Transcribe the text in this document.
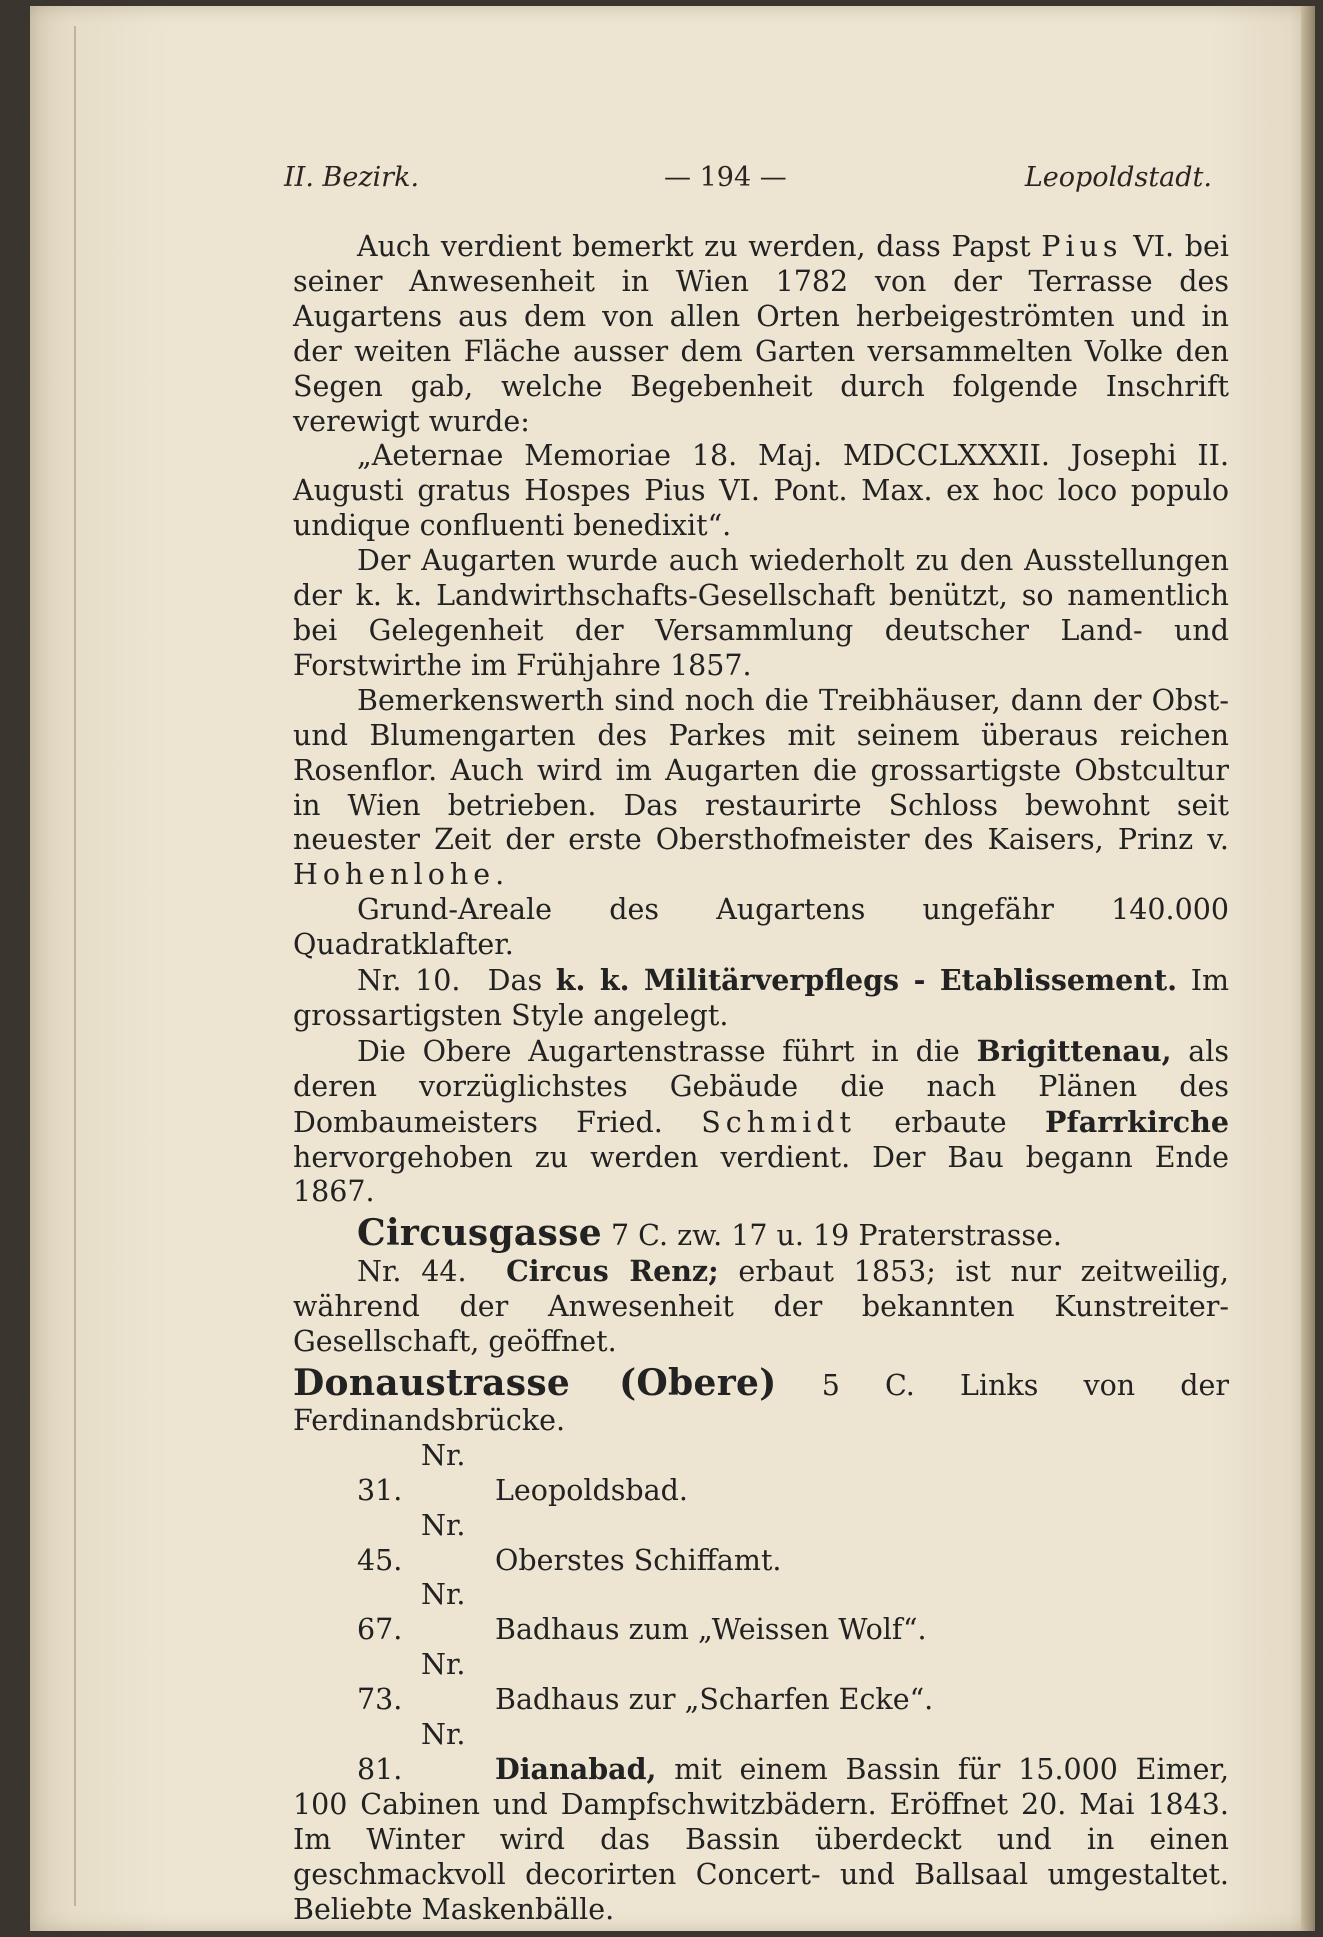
II. Bezirk.	— 194 —	Leopoldstadt.

Auch verdient bemerkt zu werden, dass Papst Pius VI. bei seiner Anwesenheit in Wien 1782 von der Terrasse des Augartens aus dem von allen Orten herbeigeströmten und in der weiten Fläche ausser dem Garten versammelten Volke den Segen gab, welche Begebenheit durch folgende Inschrift verewigt wurde:

„Aeternae Memoriae 18. Maj. MDCCLXXXII. Josephi II. Augusti gratus Hospes Pius VI. Pont. Max. ex hoc loco populo undique confluenti benedixit“.

Der Augarten wurde auch wiederholt zu den Ausstellungen der k. k. Landwirthschafts-Gesellschaft benützt, so namentlich bei Gelegenheit der Versammlung deutscher Land- und Forstwirthe im Frühjahre 1857.

Bemerkenswerth sind noch die Treibhäuser, dann der Obst- und Blumengarten des Parkes mit seinem überaus reichen Rosenflor. Auch wird im Augarten die grossartigste Obstcultur in Wien betrieben. Das restaurirte Schloss bewohnt seit neuester Zeit der erste Obersthofmeister des Kaisers, Prinz v. Hohenlohe.

Grund-Areale des Augartens ungefähr 140.000 Quadratklafter.

Nr. 10. Das k. k. Militärverpflegs - Etablissement. Im grossartigsten Style angelegt.

Die Obere Augartenstrasse führt in die Brigittenau, als deren vorzüglichstes Gebäude die nach Plänen des Dombaumeisters Fried. Schmidt erbaute Pfarrkirche hervorgehoben zu werden verdient. Der Bau begann Ende 1867.

Circusgasse 7 C. zw. 17 u. 19 Praterstrasse.

Nr. 44. Circus Renz; erbaut 1853; ist nur zeitweilig, während der Anwesenheit der bekannten Kunstreiter-Gesellschaft, geöffnet.

Donaustrasse (Obere) 5 C. Links von der Ferdinandsbrücke.

Nr. 31.	Leopoldsbad.

Nr. 45.	Oberstes Schiffamt.

Nr. 67.	Badhaus zum „Weissen Wolf“.

Nr. 73.	Badhaus zur „Scharfen Ecke“.

Nr. 81.	Dianabad, mit einem Bassin für 15.000 Eimer, 100 Cabinen und Dampfschwitzbädern. Eröffnet 20. Mai 1843. Im Winter wird das Bassin überdeckt und in einen geschmackvoll decorirten Concert- und Ballsaal umgestaltet. Beliebte Maskenbälle.
